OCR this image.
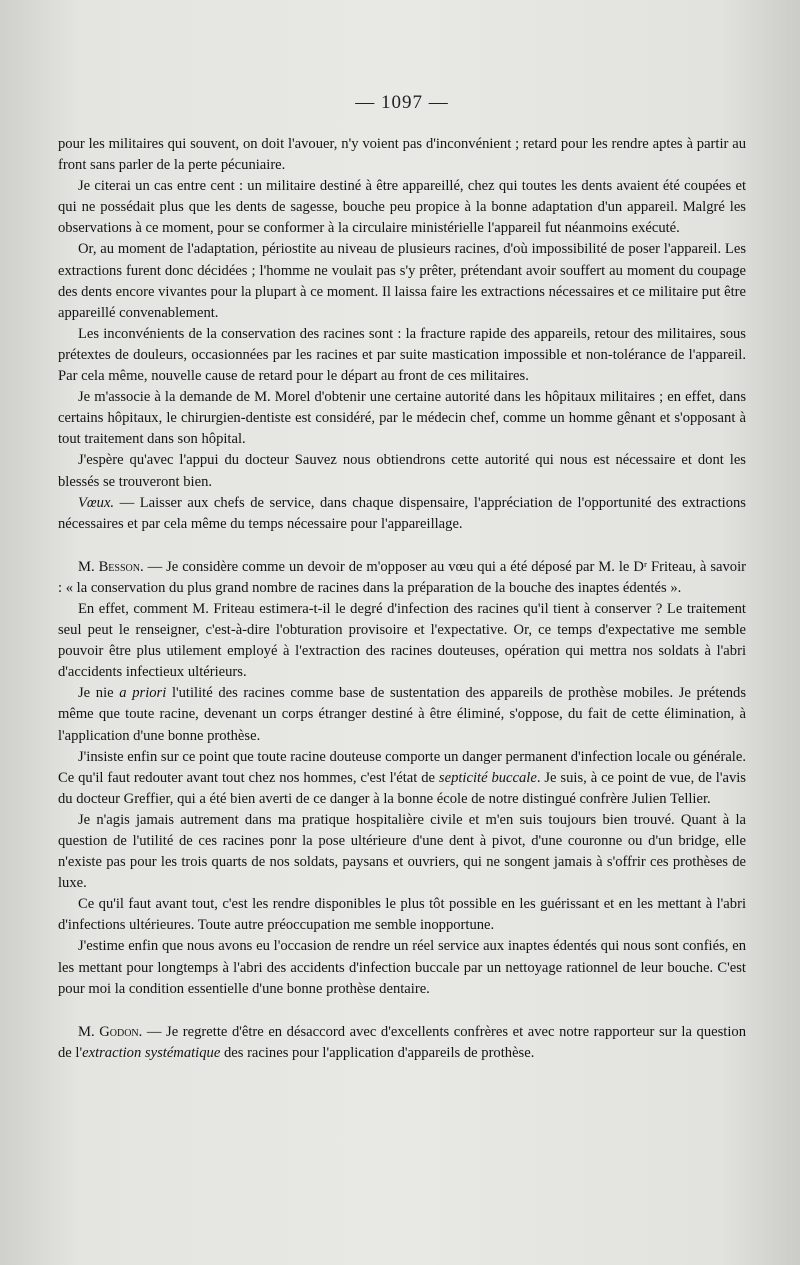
— 1097 —

pour les militaires qui souvent, on doit l'avouer, n'y voient pas d'inconvénient ; retard pour les rendre aptes à partir au front sans parler de la perte pécuniaire.

Je citerai un cas entre cent : un militaire destiné à être appareillé, chez qui toutes les dents avaient été coupées et qui ne possédait plus que les dents de sagesse, bouche peu propice à la bonne adaptation d'un appareil. Malgré les observations à ce moment, pour se conformer à la circulaire ministérielle l'appareil fut néanmoins exécuté.

Or, au moment de l'adaptation, périostite au niveau de plusieurs racines, d'où impossibilité de poser l'appareil. Les extractions furent donc décidées ; l'homme ne voulait pas s'y prêter, prétendant avoir souffert au moment du coupage des dents encore vivantes pour la plupart à ce moment. Il laissa faire les extractions nécessaires et ce militaire put être appareillé convenablement.

Les inconvénients de la conservation des racines sont : la fracture rapide des appareils, retour des militaires, sous prétextes de douleurs, occasionnées par les racines et par suite mastication impossible et non-tolérance de l'appareil. Par cela même, nouvelle cause de retard pour le départ au front de ces militaires.

Je m'associe à la demande de M. Morel d'obtenir une certaine autorité dans les hôpitaux militaires ; en effet, dans certains hôpitaux, le chirurgien-dentiste est considéré, par le médecin chef, comme un homme gênant et s'opposant à tout traitement dans son hôpital.

J'espère qu'avec l'appui du docteur Sauvez nous obtiendrons cette autorité qui nous est nécessaire et dont les blessés se trouveront bien.

Vœux. — Laisser aux chefs de service, dans chaque dispensaire, l'appréciation de l'opportunité des extractions nécessaires et par cela même du temps nécessaire pour l'appareillage.

M. Besson. — Je considère comme un devoir de m'opposer au vœu qui a été déposé par M. le Dʳ Friteau, à savoir : « la conservation du plus grand nombre de racines dans la préparation de la bouche des inaptes édentés ».

En effet, comment M. Friteau estimera-t-il le degré d'infection des racines qu'il tient à conserver ? Le traitement seul peut le renseigner, c'est-à-dire l'obturation provisoire et l'expectative. Or, ce temps d'expectative me semble pouvoir être plus utilement employé à l'extraction des racines douteuses, opération qui mettra nos soldats à l'abri d'accidents infectieux ultérieurs.

Je nie a priori l'utilité des racines comme base de sustentation des appareils de prothèse mobiles. Je prétends même que toute racine, devenant un corps étranger destiné à être éliminé, s'oppose, du fait de cette élimination, à l'application d'une bonne prothèse.

J'insiste enfin sur ce point que toute racine douteuse comporte un danger permanent d'infection locale ou générale. Ce qu'il faut redouter avant tout chez nos hommes, c'est l'état de septicité buccale. Je suis, à ce point de vue, de l'avis du docteur Greffier, qui a été bien averti de ce danger à la bonne école de notre distingué confrère Julien Tellier.

Je n'agis jamais autrement dans ma pratique hospitalière civile et m'en suis toujours bien trouvé. Quant à la question de l'utilité de ces racines ponr la pose ultérieure d'une dent à pivot, d'une couronne ou d'un bridge, elle n'existe pas pour les trois quarts de nos soldats, paysans et ouvriers, qui ne songent jamais à s'offrir ces prothèses de luxe.

Ce qu'il faut avant tout, c'est les rendre disponibles le plus tôt possible en les guérissant et en les mettant à l'abri d'infections ultérieures. Toute autre préoccupation me semble inopportune.

J'estime enfin que nous avons eu l'occasion de rendre un réel service aux inaptes édentés qui nous sont confiés, en les mettant pour longtemps à l'abri des accidents d'infection buccale par un nettoyage rationnel de leur bouche. C'est pour moi la condition essentielle d'une bonne prothèse dentaire.

M. Godon. — Je regrette d'être en désaccord avec d'excellents confrères et avec notre rapporteur sur la question de l'extraction systématique des racines pour l'application d'appareils de prothèse.
